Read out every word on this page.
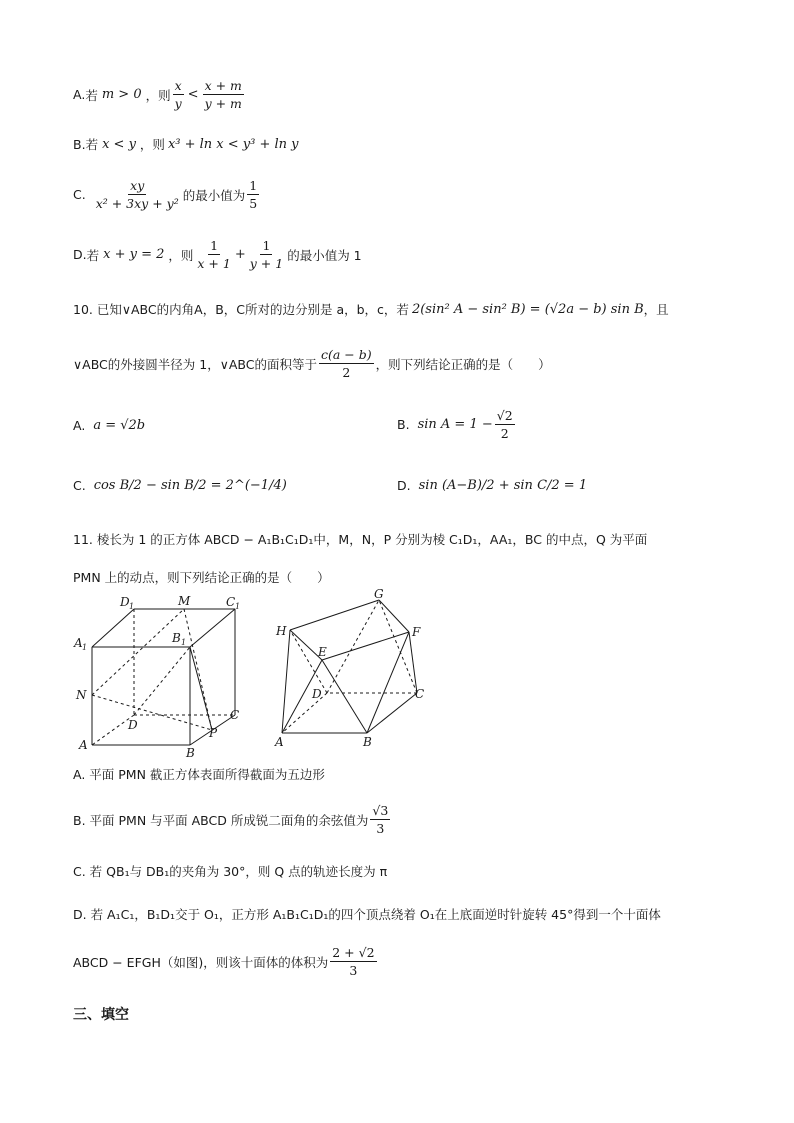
A. 若 m > 0 ，则 $\frac{x}{y} < \frac{x + m}{y + m}$
B. 若 x < y ，则 x³ + ln x < y³ + ln y
C. $\frac{xy}{\text{x² + 3xy + y²}}$ 的最小值为 $\frac{1}{5}$
D. 若 x + y = 2 ，则 $\frac{1}{x + 1} + \frac{1}{y + 1}$ 的最小值为 1
10. 已知∨ABC的内角A，B，C所对的边分别是 a，b，c，若 2(sin² A − sin² B) = (√2a − b) sin B ，且
∨ABC的外接圆半径为 1，∨ABC的面积等于 $\frac{c(a - b)}{2}$ ，则下列结论正确的是（　　）
A. a = √2b	B. $\sin A = 1 - \frac{√2}{2}$
C. cos B/2 − sin B/2 = 2^(−1/4)	D. sin (A−B)/2 + sin C/2 = 1
11. 棱长为 1 的正方体 ABCD − A₁B₁C₁D₁中，M，N，P 分别为棱 C₁D₁，AA₁，BC 的中点，Q 为平面
PMN 上的动点，则下列结论正确的是（　　）
D 1	M	C 1
A 1
B 1
N
D
C
A
B
P
G
H	F
E
D	C
A	B
A. 平面 PMN 截正方体表面所得截面为五边形
B. 平面 PMN 与平面 ABCD 所成锐二面角的余弦值为 $\frac{√3}{3}$
C. 若 QB₁与 DB₁的夹角为 30°，则 Q 点的轨迹长度为 π
D. 若 A₁C₁，B₁D₁交于 O₁，正方形 A₁B₁C₁D₁的四个顶点绕着 O₁在上底面逆时针旋转 45°得到一个十面体
ABCD − EFGH（如图)，则该十面体的体积为 $\frac{2 + √2}{3}$
三、填空
